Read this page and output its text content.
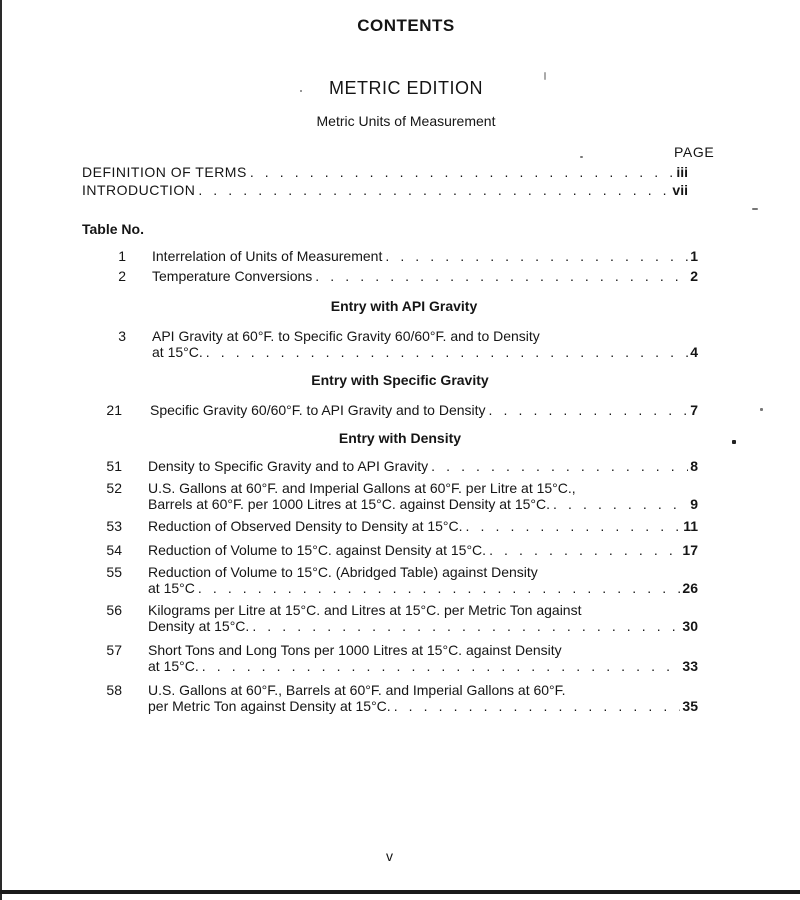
CONTENTS
METRIC EDITION
Metric Units of Measurement
PAGE
DEFINITION OF TERMS . . .	iii
INTRODUCTION . . .	vii
Table No.
1 Interrelation of Units of Measurement . . .	1
2 Temperature Conversions . . .	2
Entry with API Gravity
3 API Gravity at 60°F. to Specific Gravity 60/60°F. and to Density
at 15°C. . . .	4
Entry with Specific Gravity
21 Specific Gravity 60/60°F. to API Gravity and to Density . . .	7
Entry with Density
51 Density to Specific Gravity and to API Gravity . . .	8
52 U.S. Gallons at 60°F. and Imperial Gallons at 60°F. per Litre at 15°C.,
Barrels at 60°F. per 1000 Litres at 15°C. against Density at 15°C. . . .	9
53 Reduction of Observed Density to Density at 15°C. . . .	11
54 Reduction of Volume to 15°C. against Density at 15°C. . . .	17
55 Reduction of Volume to 15°C. (Abridged Table) against Density
at 15°C . . .	26
56 Kilograms per Litre at 15°C. and Litres at 15°C. per Metric Ton against
Density at 15°C. . . .	30
57 Short Tons and Long Tons per 1000 Litres at 15°C. against Density
at 15°C. . . .	33
58 U.S. Gallons at 60°F., Barrels at 60°F. and Imperial Gallons at 60°F.
per Metric Ton against Density at 15°C. . . .	35
v
